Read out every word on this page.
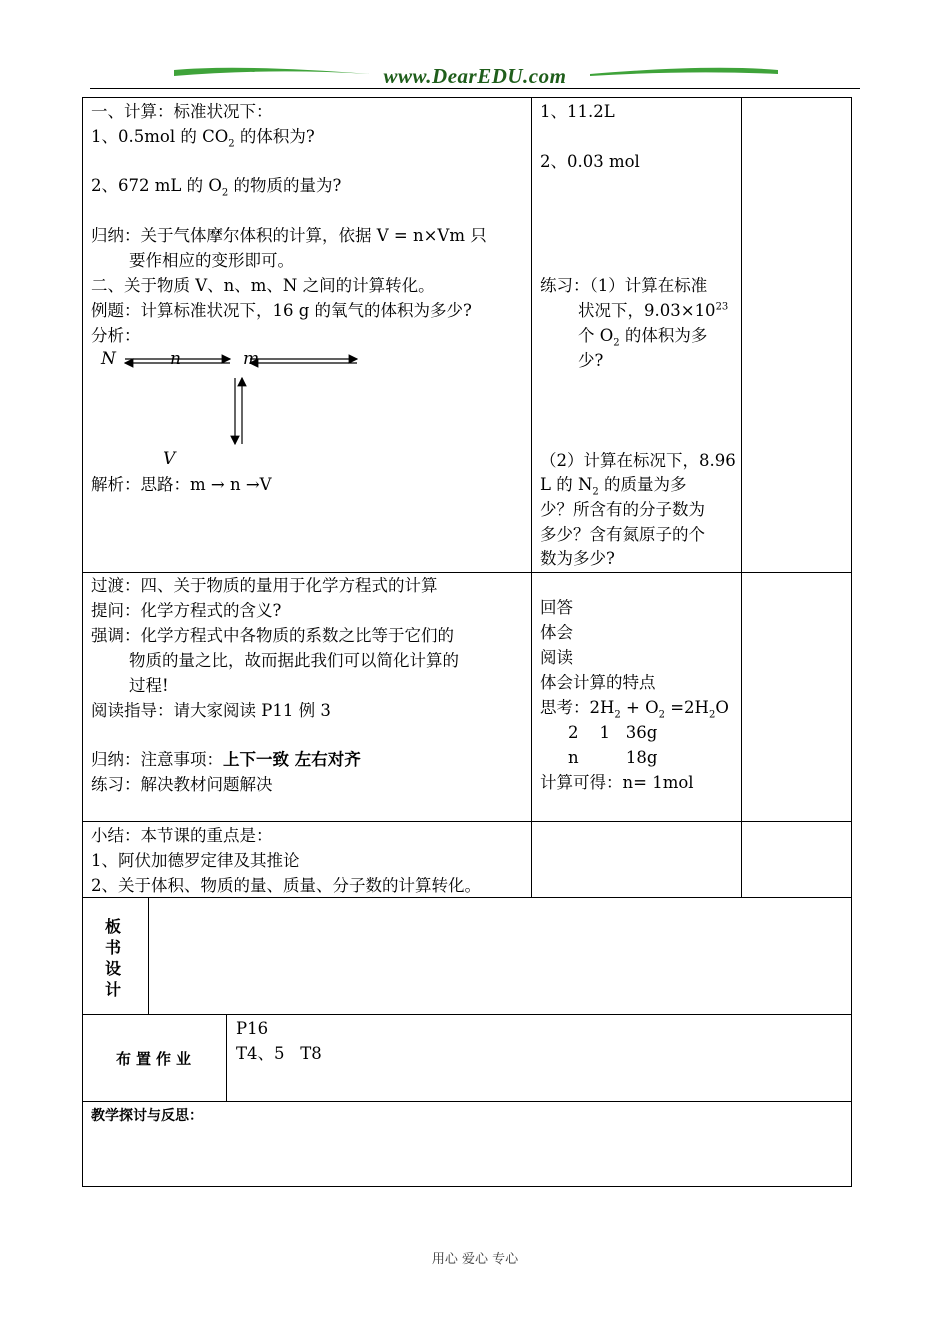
www.DearEDU.com
一、计算：标准状况下：
1、0.5mol 的 $CO_2$ 的体积为?
2、672 mL 的 $O_2$ 的物质的量为?
归纳：关于气体摩尔体积的计算，依据 V = n×Vm 只
要作相应的变形即可。
二、关于物质 V、n、m、N 之间的计算转化。
例题：计算标准状况下，16 g 的氧气的体积为多少?
分析：
N	n	m
V
解析：思路：m → n →V
1、11.2L
2、0.03 mol
练习：（1）计算在标准
状况下，$9.03\times 10^{23}$
个 $O_2$ 的体积为多
少?
（2）计算在标况下，8.96
L 的 $N_2$ 的质量为多
少？所含有的分子数为
多少？含有氮原子的个
数为多少?
过渡：四、关于物质的量用于化学方程式的计算
提问：化学方程式的含义?
强调：化学方程式中各物质的系数之比等于它们的
物质的量之比，故而据此我们可以简化计算的
过程!
阅读指导：请大家阅读 P11 例 3
归纳：注意事项：上下一致 左右对齐
练习：解决教材问题解决
回答
体会
阅读
体会计算的特点
思考：$2H_2 + O_2 =2H_2O$
2    1   36g
n         18g
计算可得：n= 1mol
小结：本节课的重点是：
1、阿伏加德罗定律及其推论
2、关于体积、物质的量、质量、分子数的计算转化。
板书设计
布置作业
P16
T4、5   T8
教学探讨与反思：
用心 爱心 专心
